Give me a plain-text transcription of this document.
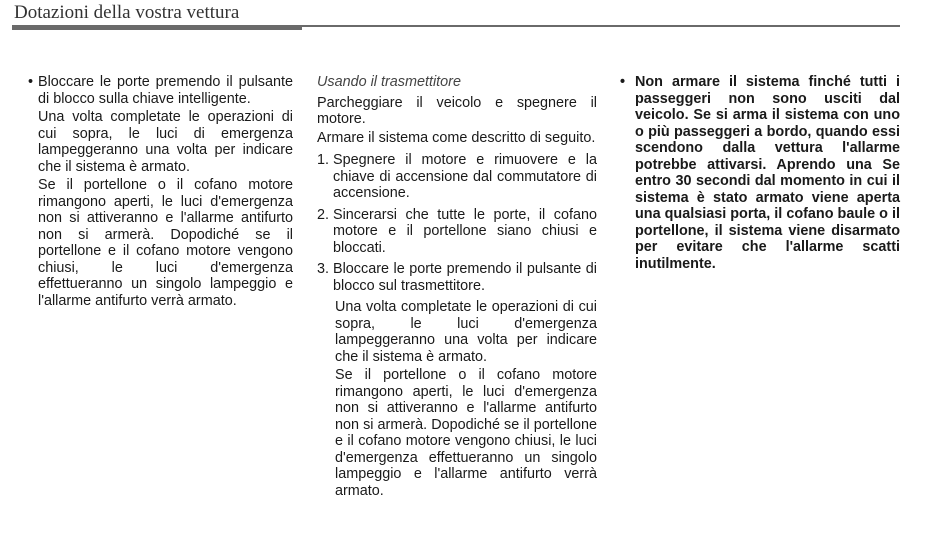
Dotazioni della vostra vettura

• Bloccare le porte premendo il pulsante di blocco sulla chiave intelligente.

Una volta completate le operazioni di cui sopra, le luci di emergenza lampeggeranno una volta per indicare che il sistema è armato.

Se il portellone o il cofano motore rimangono aperti, le luci d'emergenza non si attiveranno e l'allarme antifurto non si armerà. Dopodiché se il portellone e il cofano motore vengono chiusi, le luci d'emergenza effettueranno un singolo lampeggio e l'allarme antifurto verrà armato.

Usando il trasmettitore

Parcheggiare il veicolo e spegnere il motore.

Armare il sistema come descritto di seguito.

1. Spegnere il motore e rimuovere e la chiave di accensione dal commutatore di accensione.

2. Sincerarsi che tutte le porte, il cofano motore e il portellone siano chiusi e bloccati.

3. Bloccare le porte premendo il pulsante di blocco sul trasmettitore.

Una volta completate le operazioni di cui sopra, le luci d'emergenza lampeggeranno una volta per indicare che il sistema è armato.

Se il portellone o il cofano motore rimangono aperti, le luci d'emergenza non si attiveranno e l'allarme antifurto non si armerà. Dopodiché se il portellone e il cofano motore vengono chiusi, le luci d'emergenza effettueranno un singolo lampeggio e l'allarme antifurto verrà armato.

• Non armare il sistema finché tutti i passeggeri non sono usciti dal veicolo. Se si arma il sistema con uno o più passeggeri a bordo, quando essi scendono dalla vettura l'allarme potrebbe attivarsi. Aprendo una Se entro 30 secondi dal momento in cui il sistema è stato armato viene aperta una qualsiasi porta, il cofano baule o il portellone, il sistema viene disarmato per evitare che l'allarme scatti inutilmente.
